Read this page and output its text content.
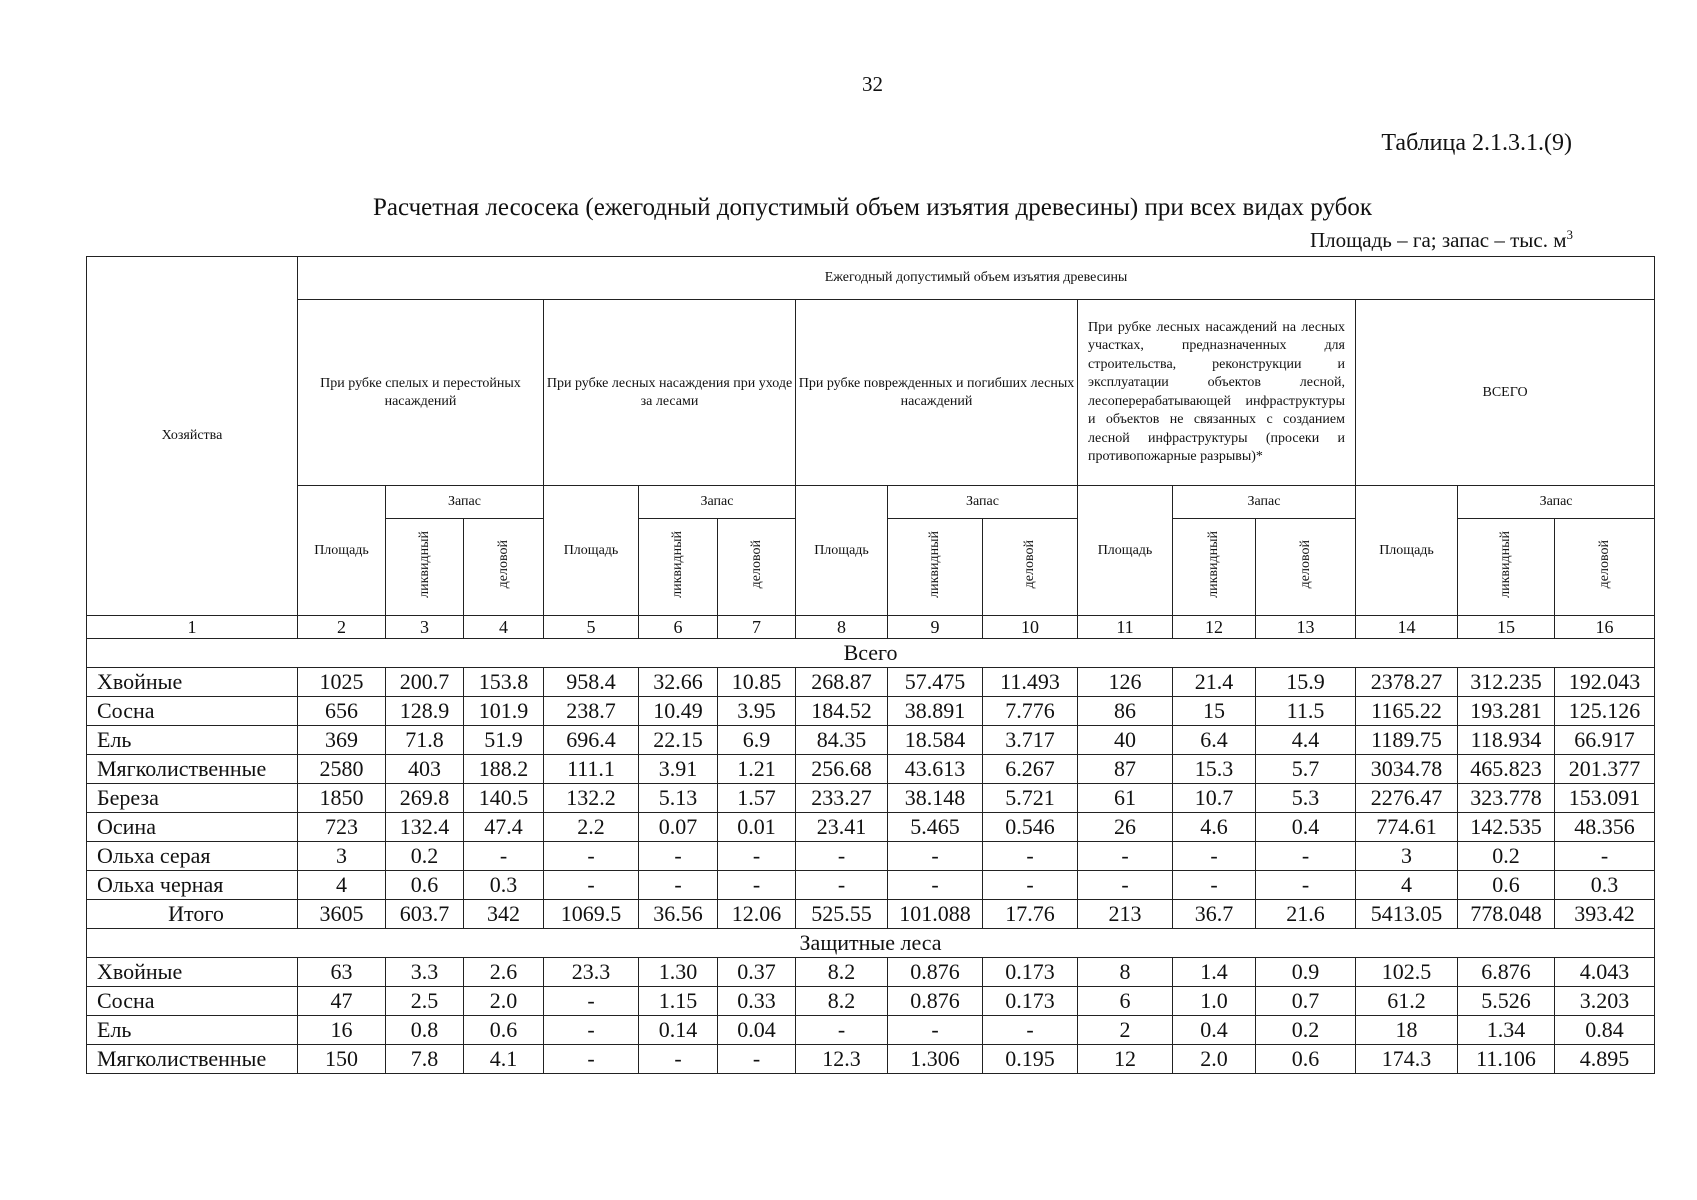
32
Таблица 2.1.3.1.(9)
Расчетная лесосека (ежегодный допустимый объем изъятия древесины) при всех видах рубок
Площадь – га; запас – тыс. $м^3$
Хозяйства	Ежегодный допустимый объем изъятия древесины														
	При рубке спелых и перестойных насаждений			При рубке лесных насаждения при уходе за лесами			При рубке поврежденных и погибших лесных насаждений			При рубке лесных насаждений на лесных участках, предназначенных для строительства, реконструкции и эксплуатации объектов лесной, лесоперерабатывающей инфраструктуры и объектов не связанных с созданием лесной инфраструктуры (просеки и противопожарные разрывы)*			ВСЕГО		
	Площадь	Запас		Площадь	Запас		Площадь	Запас		Площадь	Запас		Площадь	Запас	
		ликвидный	деловой		ликвидный	деловой		ликвидный	деловой		ликвидный	деловой		ликвидный	деловой
1	2	3	4	5	6	7	8	9	10	11	12	13	14	15	16
Всего															
Хвойные	1025	200.7	153.8	958.4	32.66	10.85	268.87	57.475	11.493	126	21.4	15.9	2378.27	312.235	192.043
Сосна	656	128.9	101.9	238.7	10.49	3.95	184.52	38.891	7.776	86	15	11.5	1165.22	193.281	125.126
Ель	369	71.8	51.9	696.4	22.15	6.9	84.35	18.584	3.717	40	6.4	4.4	1189.75	118.934	66.917
Мягколиственные	2580	403	188.2	111.1	3.91	1.21	256.68	43.613	6.267	87	15.3	5.7	3034.78	465.823	201.377
Береза	1850	269.8	140.5	132.2	5.13	1.57	233.27	38.148	5.721	61	10.7	5.3	2276.47	323.778	153.091
Осина	723	132.4	47.4	2.2	0.07	0.01	23.41	5.465	0.546	26	4.6	0.4	774.61	142.535	48.356
Ольха серая	3	0.2	-	-	-	-	-	-	-	-	-	-	3	0.2	-
Ольха черная	4	0.6	0.3	-	-	-	-	-	-	-	-	-	4	0.6	0.3
Итого	3605	603.7	342	1069.5	36.56	12.06	525.55	101.088	17.76	213	36.7	21.6	5413.05	778.048	393.42
Защитные леса															
Хвойные	63	3.3	2.6	23.3	1.30	0.37	8.2	0.876	0.173	8	1.4	0.9	102.5	6.876	4.043
Сосна	47	2.5	2.0	-	1.15	0.33	8.2	0.876	0.173	6	1.0	0.7	61.2	5.526	3.203
Ель	16	0.8	0.6	-	0.14	0.04	-	-	-	2	0.4	0.2	18	1.34	0.84
Мягколиственные	150	7.8	4.1	-	-	-	12.3	1.306	0.195	12	2.0	0.6	174.3	11.106	4.895
